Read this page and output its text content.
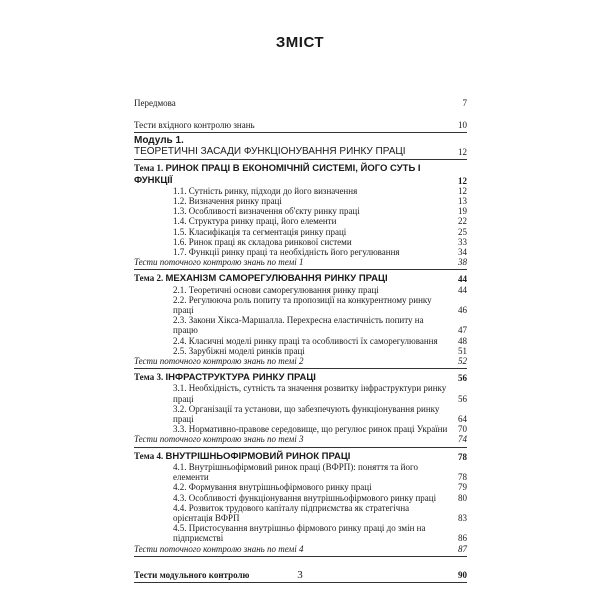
ЗМІСТ
Передмова	7
Тести вхідного контролю знань	10
Модуль 1.
ТЕОРЕТИЧНІ ЗАСАДИ ФУНКЦІОНУВАННЯ РИНКУ ПРАЦІ	12
Тема 1. РИНОК ПРАЦІ В ЕКОНОМІЧНІЙ СИСТЕМІ, ЙОГО СУТЬ І ФУНКЦІЇ	12
1.1. Сутність ринку, підходи до його визначення	12
1.2. Визначення ринку праці	13
1.3. Особливості визначення об'єкту ринку праці	19
1.4. Структура ринку праці, його елементи	22
1.5. Класифікація та сегментація ринку праці	25
1.6. Ринок праці як складова ринкової системи	33
1.7. Функції ринку праці та необхідність його регулювання	34
Тести поточного контролю знань по темі 1	38
Тема 2. МЕХАНІЗМ САМОРЕГУЛЮВАННЯ РИНКУ ПРАЦІ	44
2.1. Теоретичні основи саморегулювання ринку праці	44
2.2. Регулююча роль попиту та пропозиції на конкурентному ринку праці	46
2.3. Закони Хікса-Маршалла. Перехресна еластичність попиту на працю	47
2.4. Класичні моделі ринку праці та особливості їх саморегулювання 48
2.5. Зарубіжні моделі ринків праці	51
Тести поточного контролю знань по темі 2	52
Тема 3. ІНФРАСТРУКТУРА РИНКУ ПРАЦІ	56
3.1. Необхідність, сутність та значення розвитку інфраструктури ринку праці	56
3.2. Організації та установи, що забезпечують функціонування ринку праці	64
3.3. Нормативно-правове середовище, що регулює ринок праці України 70
Тести поточного контролю знань по темі 3	74
Тема 4. ВНУТРІШНЬОФІРМОВИЙ РИНОК ПРАЦІ	78
4.1. Внутрішньофірмовий ринок праці (ВФРП): поняття та його елементи	78
4.2. Формування внутрішньофірмового ринку праці	79
4.3. Особливості функціонування внутрішньофірмового ринку праці 80
4.4. Розвиток трудового капіталу підприємства як стратегічна орієнтація ВФРП	83
4.5. Пристосування внутрішньо фірмового ринку праці до змін на підприємстві	86
Тести поточного контролю знань по темі 4	87
Тести модульного контролю	90
3
